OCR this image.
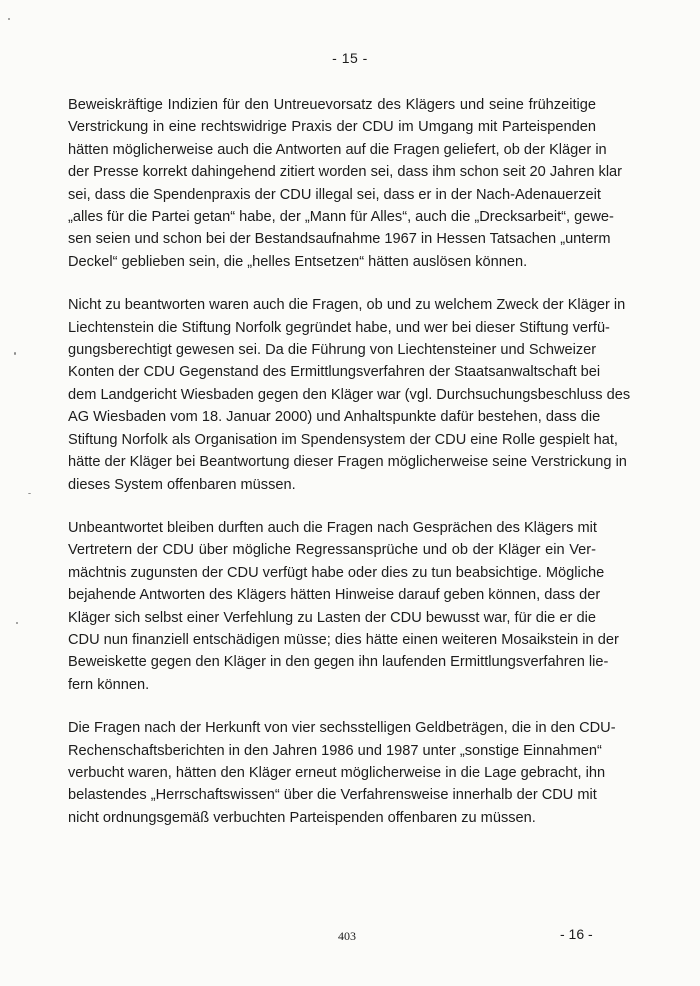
- 15 -

Beweiskräftige Indizien für den Untreuevorsatz des Klägers und seine frühzeitige
Verstrickung in eine rechtswidrige Praxis der CDU im Umgang mit Parteispenden
hätten möglicherweise auch die Antworten auf die Fragen geliefert, ob der Kläger in
der Presse korrekt dahingehend zitiert worden sei, dass ihm schon seit 20 Jahren klar
sei, dass die Spendenpraxis der CDU illegal sei, dass er in der Nach-Adenauerzeit
„alles für die Partei getan“ habe, der „Mann für Alles“, auch die „Drecksarbeit“, gewe-
sen seien und schon bei der Bestandsaufnahme 1967 in Hessen Tatsachen „unterm
Deckel“ geblieben sein, die „helles Entsetzen“ hätten auslösen können.

Nicht zu beantworten waren auch die Fragen, ob und zu welchem Zweck der Kläger in
Liechtenstein die Stiftung Norfolk gegründet habe, und wer bei dieser Stiftung verfü-
gungsberechtigt gewesen sei. Da die Führung von Liechtensteiner und Schweizer
Konten der CDU Gegenstand des Ermittlungsverfahren der Staatsanwaltschaft bei
dem Landgericht Wiesbaden gegen den Kläger war (vgl. Durchsuchungsbeschluss des
AG Wiesbaden vom 18. Januar 2000) und Anhaltspunkte dafür bestehen, dass die
Stiftung Norfolk als Organisation im Spendensystem der CDU eine Rolle gespielt hat,
hätte der Kläger bei Beantwortung dieser Fragen möglicherweise seine Verstrickung in
dieses System offenbaren müssen.

Unbeantwortet bleiben durften auch die Fragen nach Gesprächen des Klägers mit
Vertretern der CDU über mögliche Regressansprüche und ob der Kläger ein Ver-
mächtnis zugunsten der CDU verfügt habe oder dies zu tun beabsichtige. Mögliche
bejahende Antworten des Klägers hätten Hinweise darauf geben können, dass der
Kläger sich selbst einer Verfehlung zu Lasten der CDU bewusst war, für die er die
CDU nun finanziell entschädigen müsse; dies hätte einen weiteren Mosaikstein in der
Beweiskette gegen den Kläger in den gegen ihn laufenden Ermittlungsverfahren lie-
fern können.

Die Fragen nach der Herkunft von vier sechsstelligen Geldbeträgen, die in den CDU-
Rechenschaftsberichten in den Jahren 1986 und 1987 unter „sonstige Einnahmen“
verbucht waren, hätten den Kläger erneut möglicherweise in die Lage gebracht, ihn
belastendes „Herrschaftswissen“ über die Verfahrensweise innerhalb der CDU mit
nicht ordnungsgemäß verbuchten Parteispenden offenbaren zu müssen.

403	- 16 -
